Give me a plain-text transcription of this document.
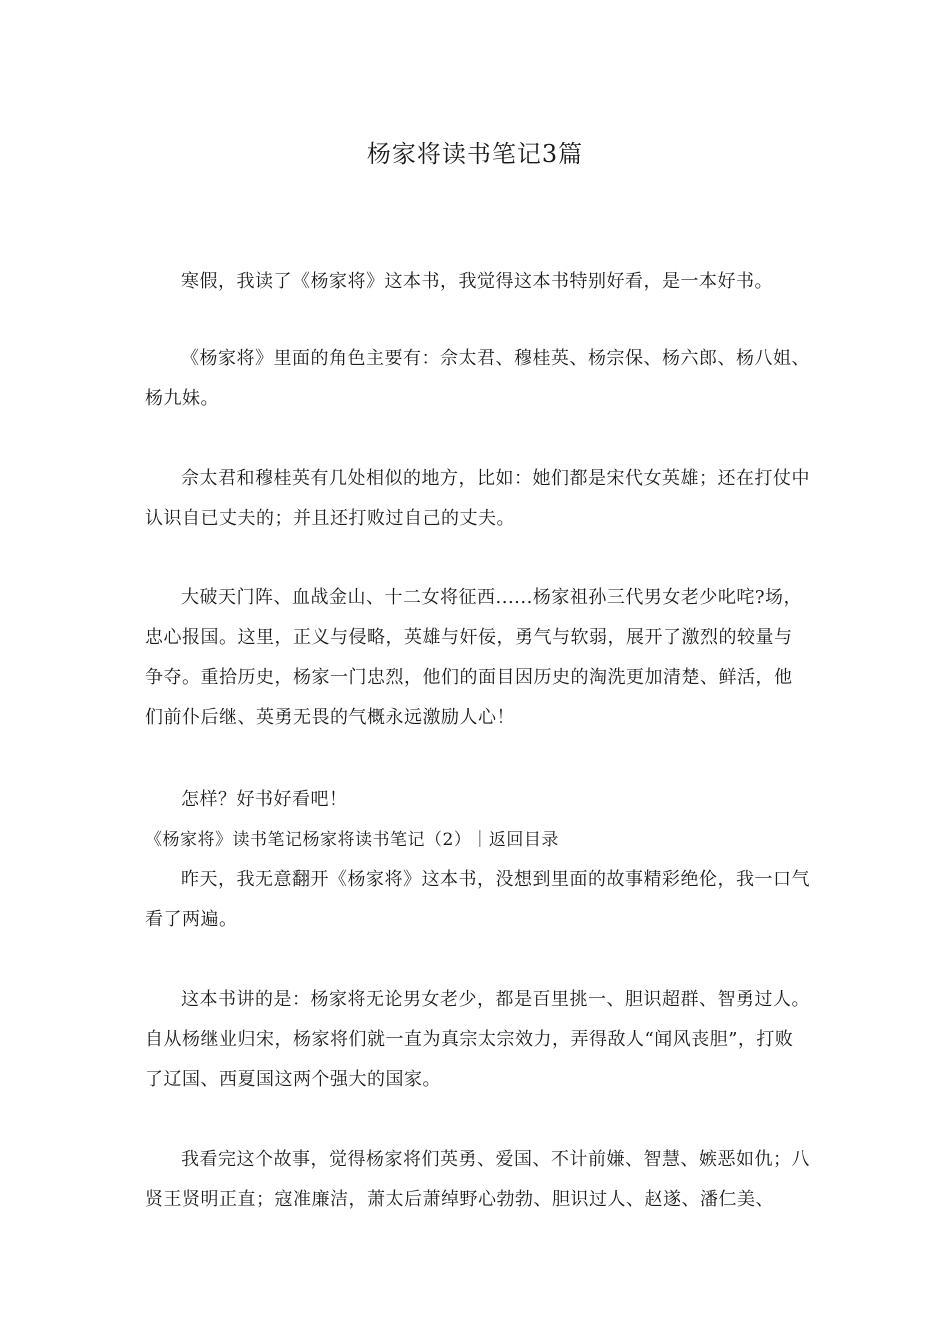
杨家将读书笔记3篇

寒假，我读了《杨家将》这本书，我觉得这本书特别好看，是一本好书。

《杨家将》里面的角色主要有：佘太君、穆桂英、杨宗保、杨六郎、杨八姐、杨九妹。

佘太君和穆桂英有几处相似的地方，比如：她们都是宋代女英雄；还在打仗中认识自已丈夫的；并且还打败过自己的丈夫。

大破天门阵、血战金山、十二女将征西......杨家祖孙三代男女老少叱咤?场，忠心报国。这里，正义与侵略，英雄与奸佞，勇气与软弱，展开了激烈的较量与争夺。重拾历史，杨家一门忠烈，他们的面目因历史的淘洗更加清楚、鲜活，他们前仆后继、英勇无畏的气概永远激励人心！

怎样？好书好看吧！

《杨家将》读书笔记杨家将读书笔记（2）｜返回目录

昨天，我无意翻开《杨家将》这本书，没想到里面的故事精彩绝伦，我一口气看了两遍。

这本书讲的是：杨家将无论男女老少，都是百里挑一、胆识超群、智勇过人。自从杨继业归宋，杨家将们就一直为真宗太宗效力，弄得敌人“闻风丧胆”，打败了辽国、西夏国这两个强大的国家。

我看完这个故事，觉得杨家将们英勇、爱国、不计前嫌、智慧、嫉恶如仇；八贤王贤明正直；寇准廉洁，萧太后萧绰野心勃勃、胆识过人、赵遂、潘仁美、
